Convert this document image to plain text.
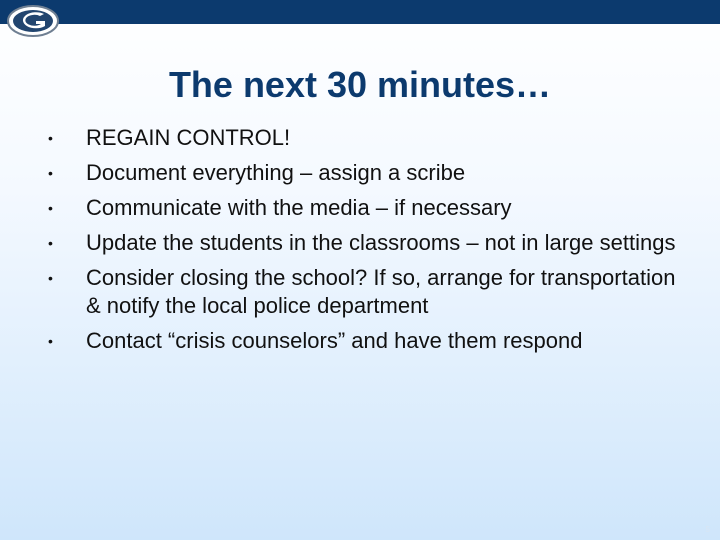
The next 30 minutes…
•	REGAIN CONTROL!
•	Document everything – assign a scribe
•	Communicate with the media – if necessary
•	Update the students in the classrooms – not in large settings
•	Consider closing the school? If so, arrange for transportation & notify the local police department
•	Contact “crisis counselors” and have them respond
5
